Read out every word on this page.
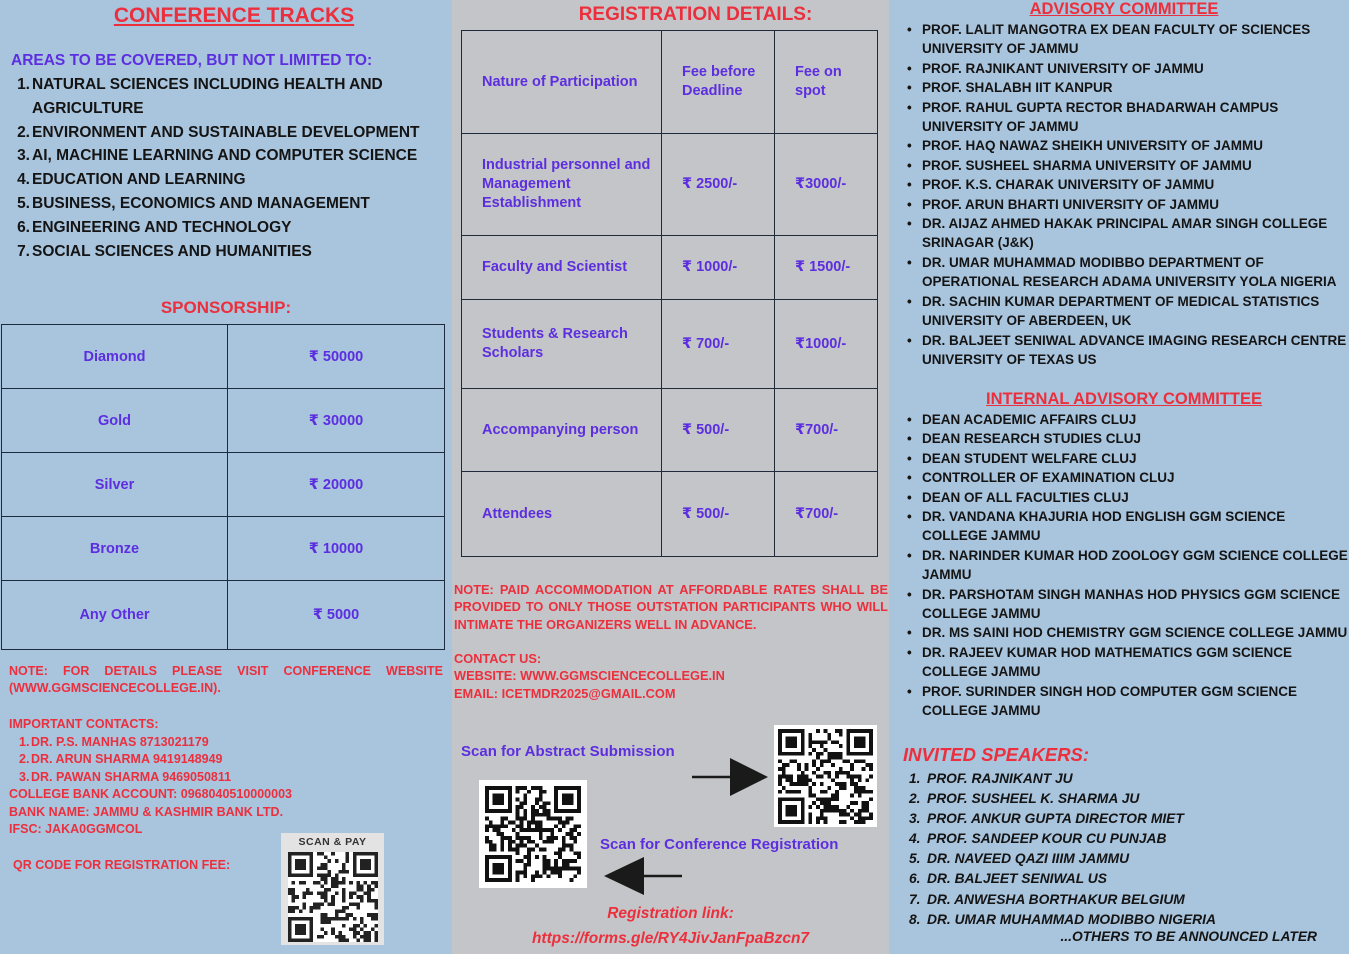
CONFERENCE TRACKS
AREAS TO BE COVERED, BUT NOT LIMITED TO:
1. NATURAL SCIENCES INCLUDING HEALTH AND AGRICULTURE
2. ENVIRONMENT AND SUSTAINABLE DEVELOPMENT
3. AI, MACHINE LEARNING AND COMPUTER SCIENCE
4. EDUCATION AND LEARNING
5. BUSINESS, ECONOMICS AND MANAGEMENT
6. ENGINEERING AND TECHNOLOGY
7. SOCIAL SCIENCES AND HUMANITIES
SPONSORSHIP:
Diamond	₹ 50000
Gold	₹ 30000
Silver	₹ 20000
Bronze	₹ 10000
Any Other	₹ 5000
NOTE: FOR DETAILS PLEASE VISIT CONFERENCE WEBSITE (WWW.GGMSCIENCECOLLEGE.IN).
IMPORTANT CONTACTS:
1. DR. P.S. MANHAS 8713021179
2. DR. ARUN SHARMA 9419148949
3. DR. PAWAN SHARMA 9469050811
COLLEGE BANK ACCOUNT: 0968040510000003
BANK NAME: JAMMU & KASHMIR BANK LTD.
IFSC: JAKA0GGMCOL
QR CODE FOR REGISTRATION FEE:
SCAN & PAY
REGISTRATION DETAILS:
Nature of Participation	Fee before Deadline	Fee on spot
Industrial personnel and Management Establishment	₹ 2500/-	₹3000/-
Faculty and Scientist	₹ 1000/-	₹ 1500/-
Students & Research Scholars	₹ 700/-	₹1000/-
Accompanying person	₹ 500/-	₹700/-
Attendees	₹ 500/-	₹700/-
NOTE: PAID ACCOMMODATION AT AFFORDABLE RATES SHALL BE PROVIDED TO ONLY THOSE OUTSTATION PARTICIPANTS WHO WILL INTIMATE THE ORGANIZERS WELL IN ADVANCE.
CONTACT US:
WEBSITE: WWW.GGMSCIENCECOLLEGE.IN
EMAIL: ICETMDR2025@GMAIL.COM
Scan for Abstract Submission
Scan for Conference Registration
Registration link:
https://forms.gle/RY4JivJanFpaBzcn7
ADVISORY COMMITTEE
• PROF. LALIT MANGOTRA EX DEAN FACULTY OF SCIENCES UNIVERSITY OF JAMMU
• PROF. RAJNIKANT UNIVERSITY OF JAMMU
• PROF. SHALABH IIT KANPUR
• PROF. RAHUL GUPTA RECTOR BHADARWAH CAMPUS UNIVERSITY OF JAMMU
• PROF. HAQ NAWAZ SHEIKH UNIVERSITY OF JAMMU
• PROF. SUSHEEL SHARMA UNIVERSITY OF JAMMU
• PROF. K.S. CHARAK UNIVERSITY OF JAMMU
• PROF. ARUN BHARTI UNIVERSITY OF JAMMU
• DR. AIJAZ AHMED HAKAK PRINCIPAL AMAR SINGH COLLEGE SRINAGAR (J&K)
• DR. UMAR MUHAMMAD MODIBBO DEPARTMENT OF OPERATIONAL RESEARCH ADAMA UNIVERSITY YOLA NIGERIA
• DR. SACHIN KUMAR DEPARTMENT OF MEDICAL STATISTICS UNIVERSITY OF ABERDEEN, UK
• DR. BALJEET SENIWAL ADVANCE IMAGING RESEARCH CENTRE UNIVERSITY OF TEXAS US
INTERNAL ADVISORY COMMITTEE
• DEAN ACADEMIC AFFAIRS CLUJ
• DEAN RESEARCH STUDIES CLUJ
• DEAN STUDENT WELFARE CLUJ
• CONTROLLER OF EXAMINATION CLUJ
• DEAN OF ALL FACULTIES CLUJ
• DR. VANDANA KHAJURIA HOD ENGLISH GGM SCIENCE COLLEGE JAMMU
• DR. NARINDER KUMAR HOD ZOOLOGY GGM SCIENCE COLLEGE JAMMU
• DR. PARSHOTAM SINGH MANHAS HOD PHYSICS GGM SCIENCE COLLEGE JAMMU
• DR. MS SAINI HOD CHEMISTRY GGM SCIENCE COLLEGE JAMMU
• DR. RAJEEV KUMAR HOD MATHEMATICS GGM SCIENCE COLLEGE JAMMU
• PROF. SURINDER SINGH HOD COMPUTER GGM SCIENCE COLLEGE JAMMU
INVITED SPEAKERS:
1. PROF. RAJNIKANT JU
2. PROF. SUSHEEL K. SHARMA JU
3. PROF. ANKUR GUPTA DIRECTOR MIET
4. PROF. SANDEEP KOUR CU PUNJAB
5. DR. NAVEED QAZI IIIM JAMMU
6. DR. BALJEET SENIWAL US
7. DR. ANWESHA BORTHAKUR BELGIUM
8. DR. UMAR MUHAMMAD MODIBBO NIGERIA
...OTHERS TO BE ANNOUNCED LATER
